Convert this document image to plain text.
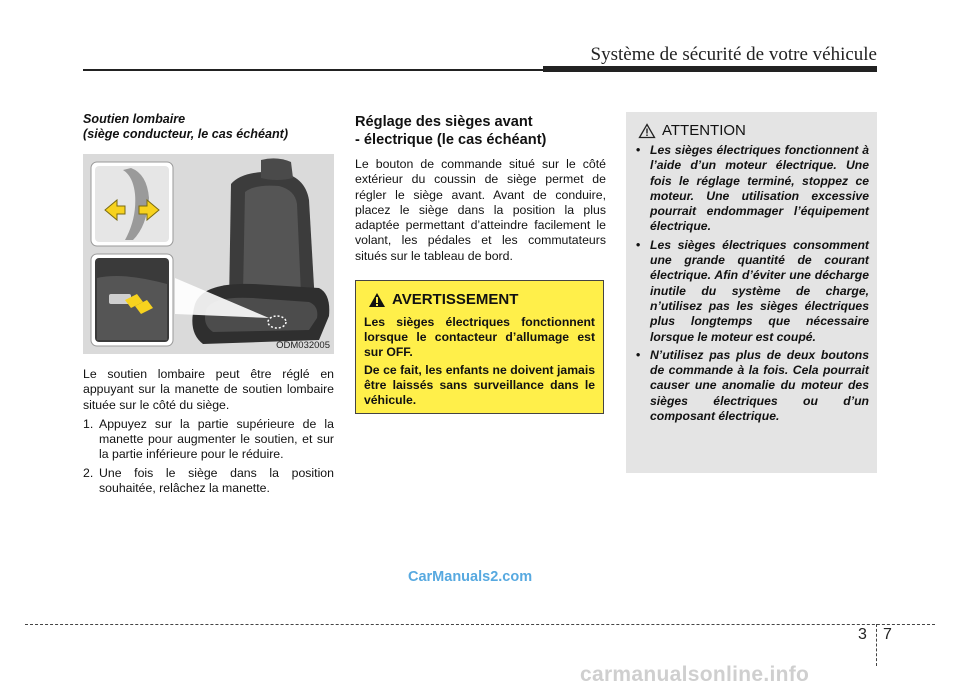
Système de sécurité de votre véhicule

Soutien lombaire
(siège conducteur, le cas échéant)

ODM032005

Le soutien lombaire peut être réglé en appuyant sur la manette de soutien lombaire située sur le côté du siège.

1. Appuyez sur la partie supérieure de la manette pour augmenter le soutien, et sur la partie inférieure pour le réduire.
2. Une fois le siège dans la position souhaitée, relâchez la manette.

Réglage des sièges avant
- électrique (le cas échéant)

Le bouton de commande situé sur le côté extérieur du coussin de siège permet de régler le siège avant. Avant de conduire, placez le siège dans la position la plus adaptée permettant d’atteindre facilement le volant, les pédales et les commutateurs situés sur le tableau de bord.

AVERTISSEMENT

Les sièges électriques fonctionnent lorsque le contacteur d’allumage est sur OFF.

De ce fait, les enfants ne doivent jamais être laissés sans surveillance dans le véhicule.

ATTENTION
• Les sièges électriques fonctionnent à l’aide d’un moteur électrique. Une fois le réglage terminé, stoppez ce moteur. Une utilisation excessive pourrait endommager l’équipement électrique.
• Les sièges électriques consomment une grande quantité de courant électrique. Afin d’éviter une décharge inutile du système de charge, n’utilisez pas les sièges électriques plus longtemps que nécessaire lorsque le moteur est coupé.
• N’utilisez pas plus de deux boutons de commande à la fois. Cela pourrait causer une anomalie du moteur des sièges électriques ou d’un composant électrique.
CarManuals2.com
3 7
carmanualsonline.info
